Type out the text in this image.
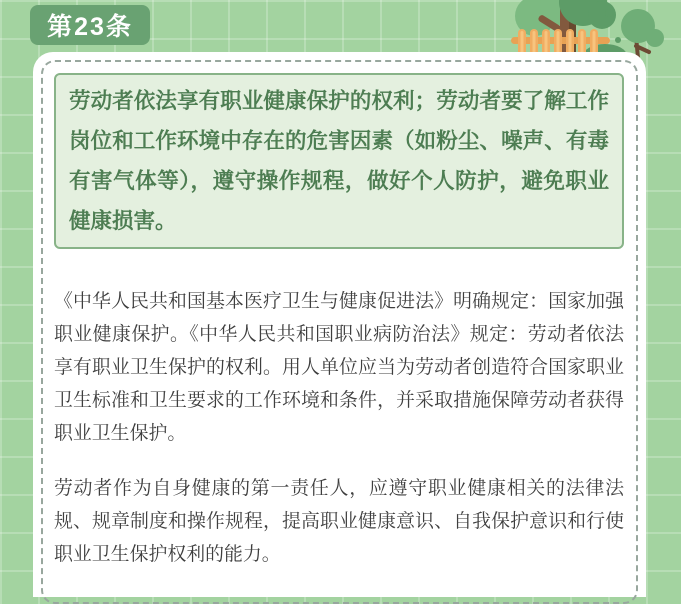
第23条

劳动者依法享有职业健康保护的权利；劳动者要了解工作岗位和工作环境中存在的危害因素（如粉尘、噪声、有毒有害气体等），遵守操作规程，做好个人防护，避免职业健康损害。

《中华人民共和国基本医疗卫生与健康促进法》明确规定：国家加强职业健康保护。《中华人民共和国职业病防治法》规定：劳动者依法享有职业卫生保护的权利。用人单位应当为劳动者创造符合国家职业卫生标准和卫生要求的工作环境和条件，并采取措施保障劳动者获得职业卫生保护。

劳动者作为自身健康的第一责任人，应遵守职业健康相关的法律法规、规章制度和操作规程，提高职业健康意识、自我保护意识和行使职业卫生保护权利的能力。
